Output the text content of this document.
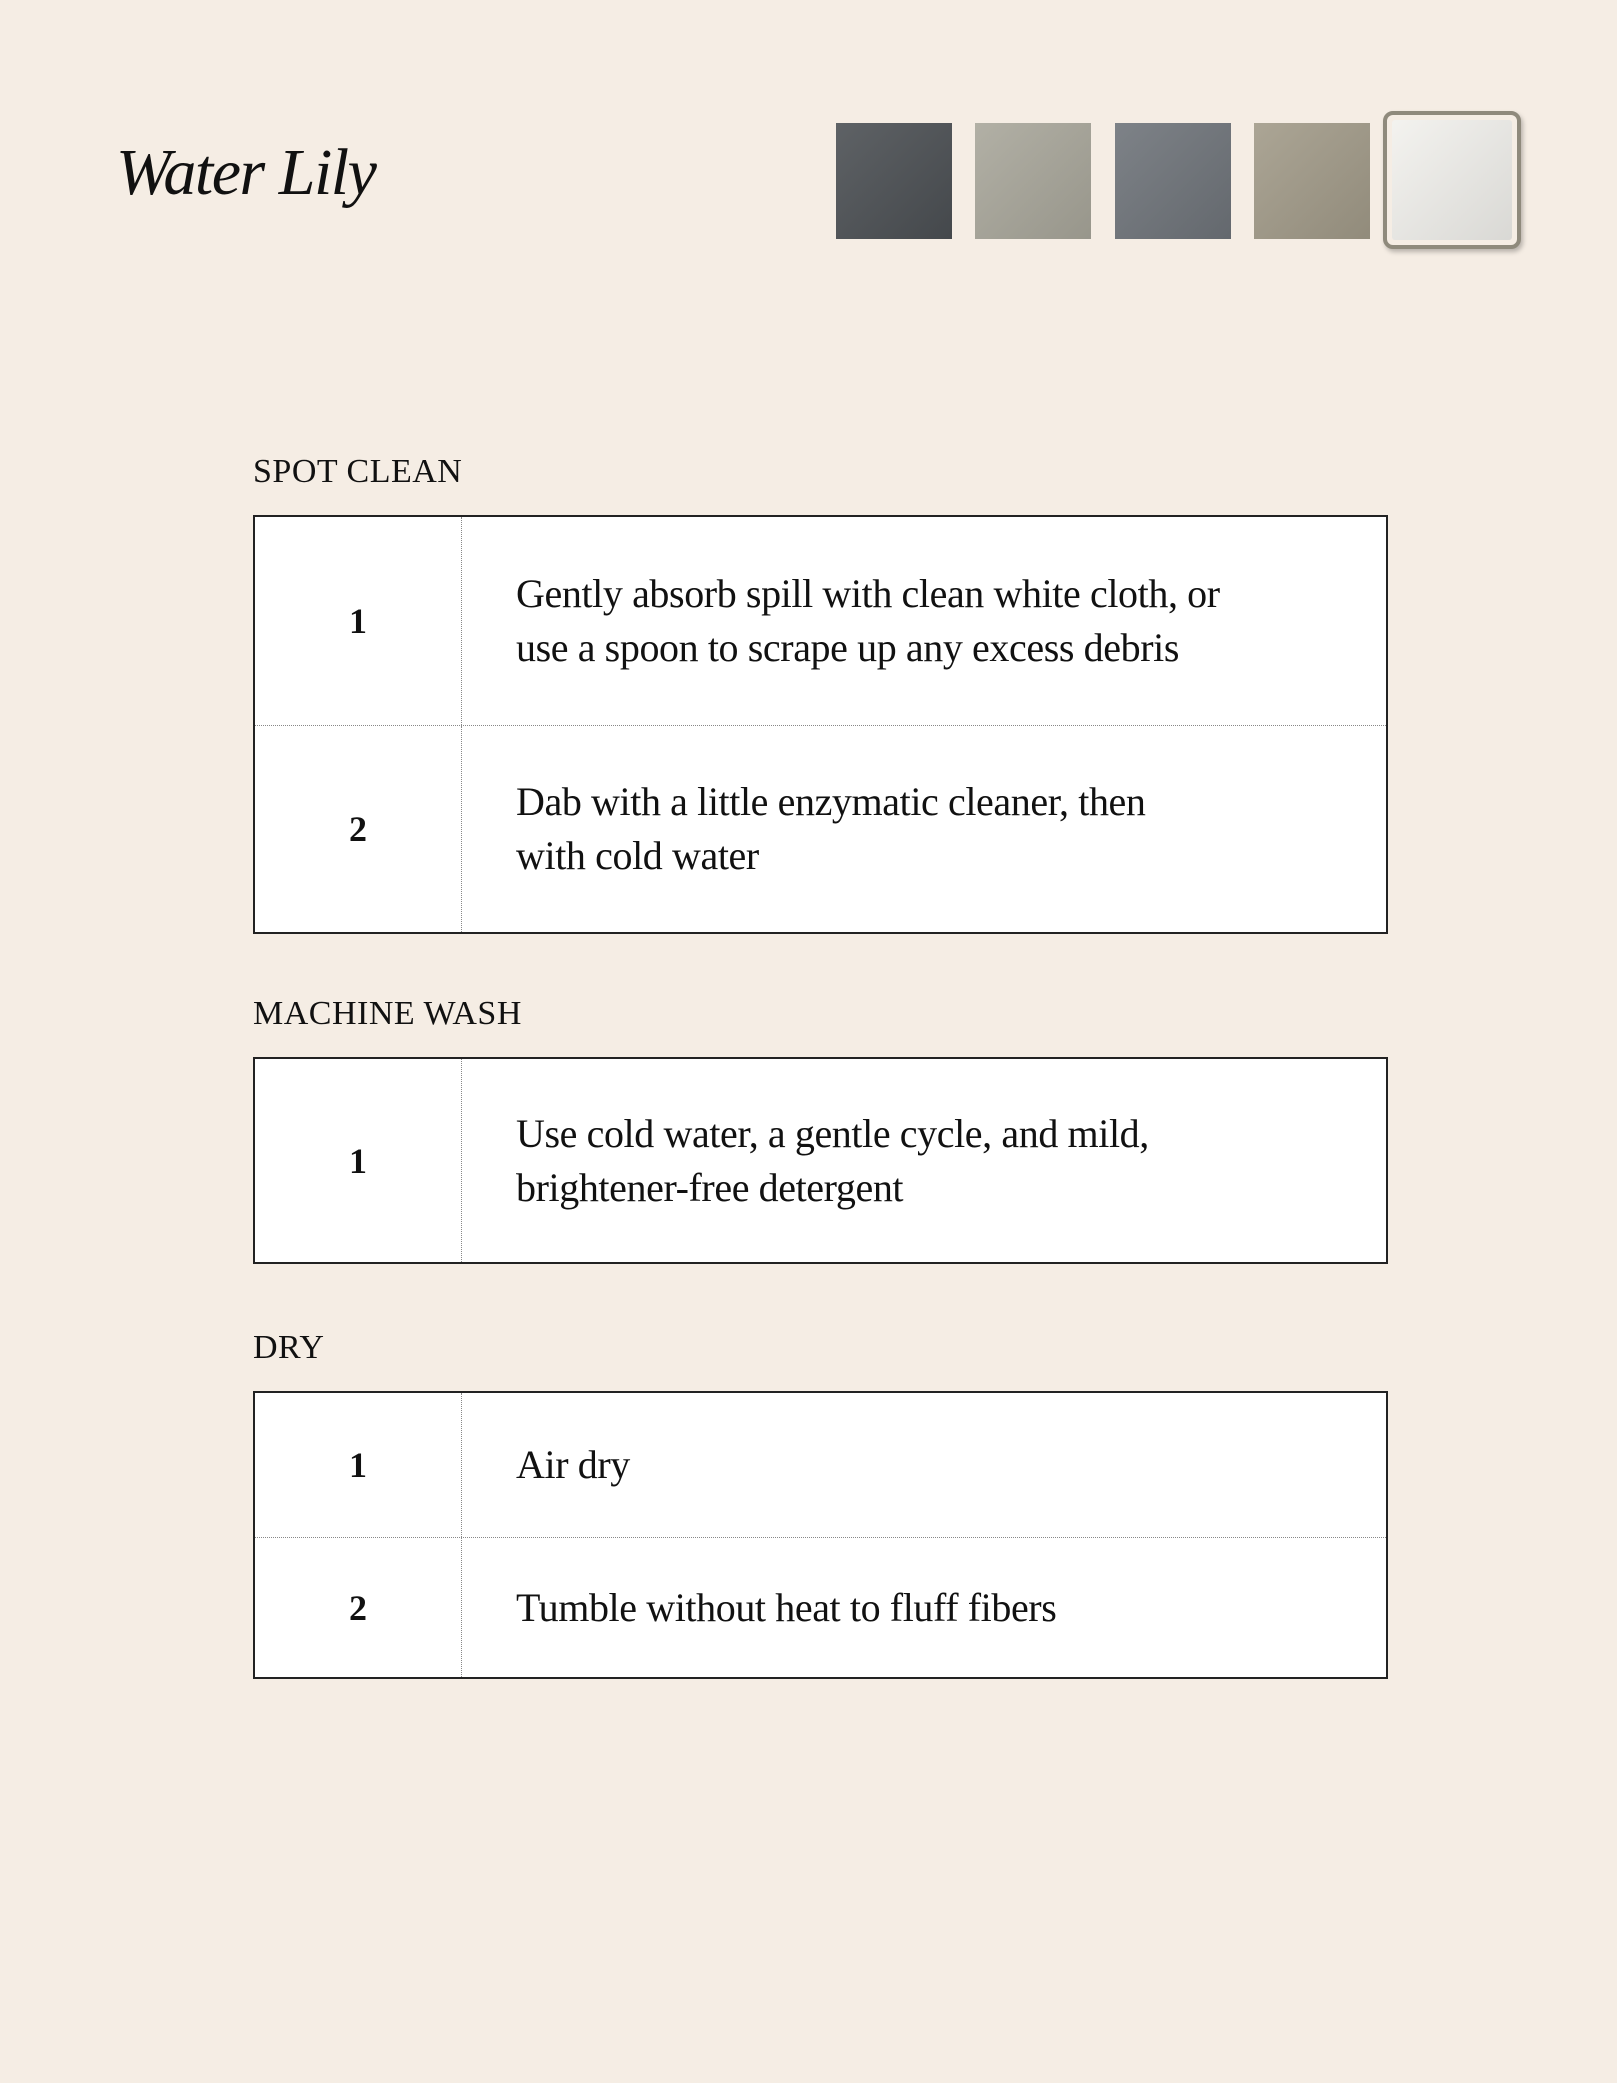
Water Lily
SPOT CLEAN
1
Gently absorb spill with clean white cloth, or
use a spoon to scrape up any excess debris
2
Dab with a little enzymatic cleaner, then
with cold water
MACHINE WASH
1
Use cold water, a gentle cycle, and mild,
brightener-free detergent
DRY
1	Air dry
2	Tumble without heat to fluff fibers
